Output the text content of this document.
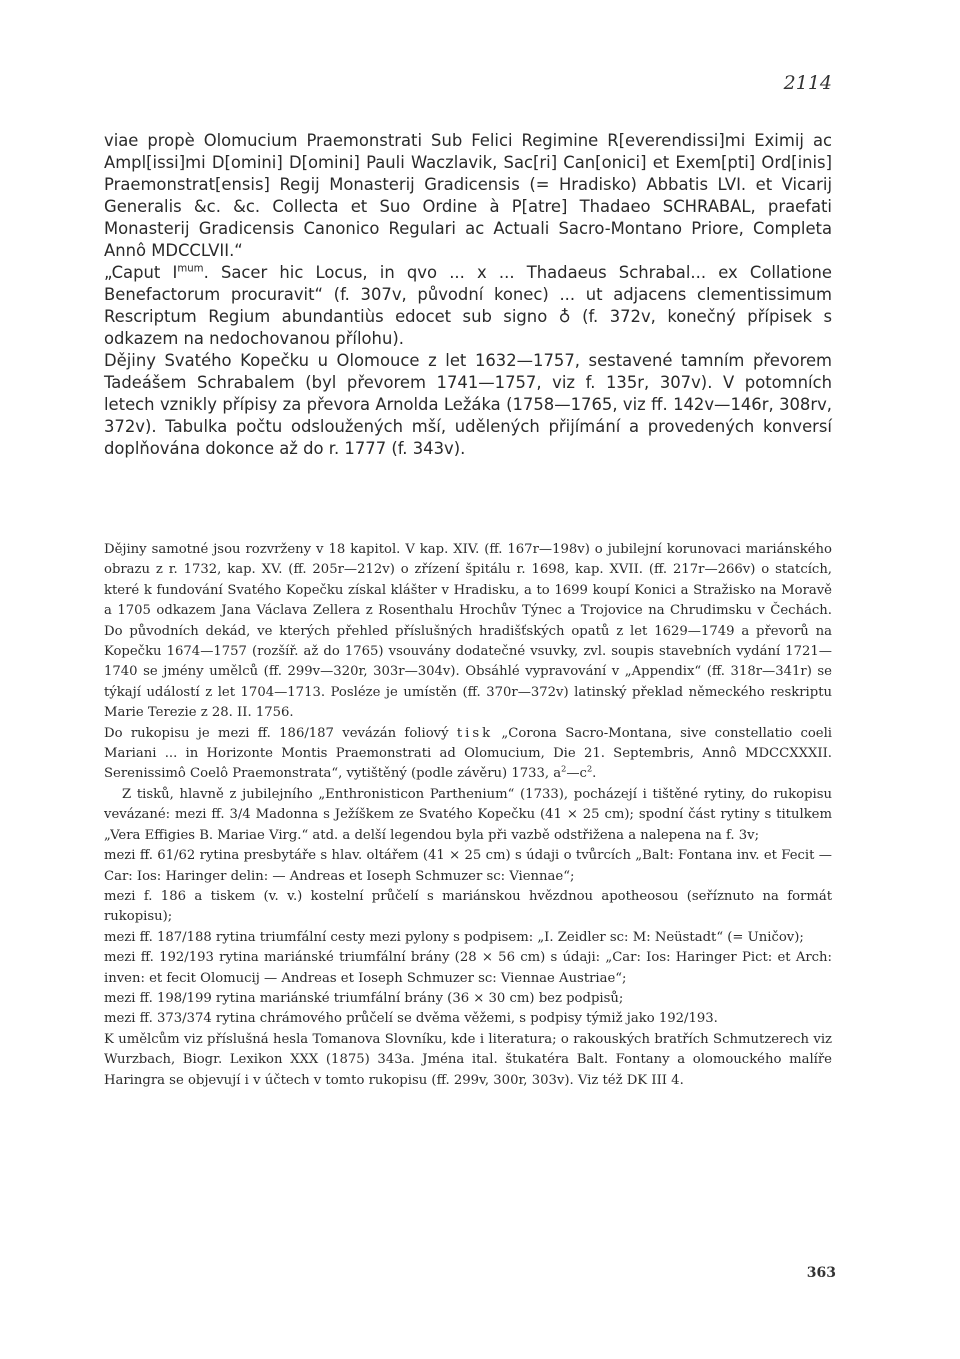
2114

viae propè Olomucium Praemonstrati Sub Felici Regimine R[everendissi]mi Eximij ac Ampl[issi]mi D[omini] D[omini] Pauli Waczlavik, Sac[ri] Can[onici] et Exem[pti] Ord[inis] Praemonstrat[ensis] Regij Monasterij Gradicensis (= Hradisko) Abbatis LVI. et Vicarij Generalis &c. &c. Collecta et Suo Ordine à P[atre] Thadaeo SCHRABAL, praefati Monasterij Gradicensis Canonico Regulari ac Actuali Sacro-Montano Priore, Completa Annô MDCCLVII.“

„Caput $I^{mum}$. Sacer hic Locus, in qvo ... x ... Thadaeus Schrabal... ex Collatione Benefactorum procuravit“ (f. 307v, původní konec) ... ut adjacens clementissimum Rescriptum Regium abundantiùs edocet sub signo ♁ (f. 372v, konečný přípisek s odkazem na nedochovanou přílohu).

Dějiny Svatého Kopečku u Olomouce z let 1632—1757, sestavené tamním převorem Tadeášem Schrabalem (byl převorem 1741—1757, viz f. 135r, 307v). V potomních letech vznikly přípisy za převora Arnolda Ležáka (1758—1765, viz ff. 142v—146r, 308rv, 372v). Tabulka počtu odsloužených mší, udělených přijímání a provedených konversí doplňována dokonce až do r. 1777 (f. 343v).

Dějiny samotné jsou rozvrženy v 18 kapitol. V kap. XIV. (ff. 167r—198v) o jubilejní korunovaci mariánského obrazu z r. 1732, kap. XV. (ff. 205r—212v) o zřízení špitálu r. 1698, kap. XVII. (ff. 217r—266v) o statcích, které k fundování Svatého Kopečku získal klášter v Hradisku, a to 1699 koupí Konici a Stražisko na Moravě a 1705 odkazem Jana Václava Zellera z Rosenthalu Hrochův Týnec a Trojovice na Chrudimsku v Čechách. Do původních dekád, ve kterých přehled příslušných hradišťských opatů z let 1629—1749 a převorů na Kopečku 1674—1757 (rozšíř. až do 1765) vsouvány dodatečné vsuvky, zvl. soupis stavebních vydání 1721—1740 se jmény umělců (ff. 299v—320r, 303r—304v). Obsáhlé vypravování v „Appendix“ (ff. 318r—341r) se týkají událostí z let 1704—1713. Posléze je umístěn (ff. 370r—372v) latinský překlad německého reskriptu Marie Terezie z 28. II. 1756.

Do rukopisu je mezi ff. 186/187 vevázán foliový tisk „Corona Sacro-Montana, sive constellatio coeli Mariani ... in Horizonte Montis Praemonstrati ad Olomucium, Die 21. Septembris, Annô MDCCXXXII. Serenissimô Coelô Praemonstrata“, vytištěný (podle závěru) 1733, $a^2—c^2$.

Z tisků, hlavně z jubilejního „Enthronisticon Parthenium“ (1733), pocházejí i tištěné rytiny, do rukopisu vevázané: mezi ff. 3/4 Madonna s Ježíškem ze Svatého Kopečku (41 × 25 cm); spodní část rytiny s titulkem „Vera Effigies B. Mariae Virg.“ atd. a delší legendou byla při vazbě odstřižena a nalepena na f. 3v;

mezi ff. 61/62 rytina presbytáře s hlav. oltářem (41 × 25 cm) s údaji o tvůrcích „Balt: Fontana inv. et Fecit — Car: Ios: Haringer delin: — Andreas et Ioseph Schmuzer sc: Viennae“;

mezi f. 186 a tiskem (v. v.) kostelní průčelí s mariánskou hvězdnou apotheosou (seříznuto na formát rukopisu);

mezi ff. 187/188 rytina triumfální cesty mezi pylony s podpisem: „I. Zeidler sc: M: Neüstadt“ (= Uničov);

mezi ff. 192/193 rytina mariánské triumfální brány (28 × 56 cm) s údaji: „Car: Ios: Haringer Pict: et Arch: inven: et fecit Olomucij — Andreas et Ioseph Schmuzer sc: Viennae Austriae“;

mezi ff. 198/199 rytina mariánské triumfální brány (36 × 30 cm) bez podpisů;

mezi ff. 373/374 rytina chrámového průčelí se dvěma věžemi, s podpisy týmiž jako 192/193.

K umělcům viz příslušná hesla Tomanova Slovníku, kde i literatura; o rakouských bratřích Schmutzerech viz Wurzbach, Biogr. Lexikon XXX (1875) 343a. Jména ital. štukatéra Balt. Fontany a olomouckého malíře Haringra se objevují i v účtech v tomto rukopisu (ff. 299v, 300r, 303v). Viz též DK III 4.

363
